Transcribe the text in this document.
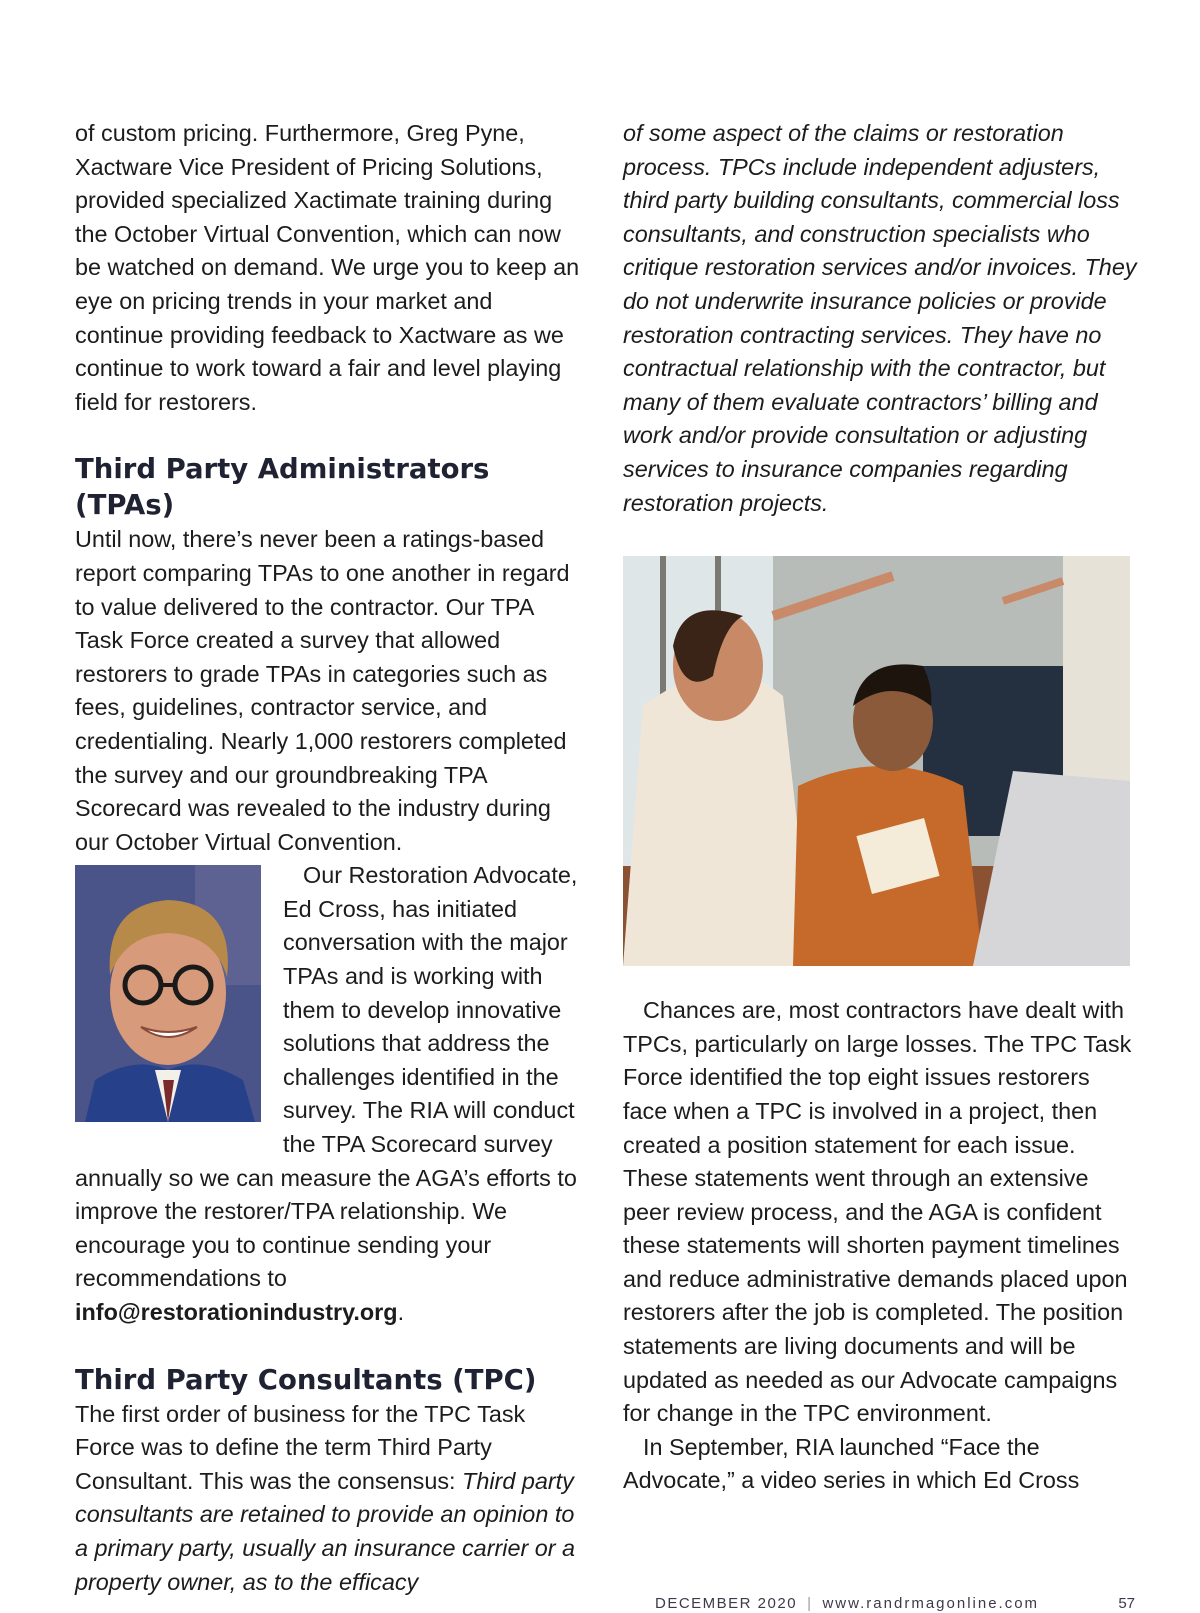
of custom pricing. Furthermore, Greg Pyne, Xactware Vice President of Pricing Solutions, provided specialized Xactimate training during the October Virtual Convention, which can now be watched on demand. We urge you to keep an eye on pricing trends in your market and continue providing feedback to Xactware as we continue to work toward a fair and level playing field for restorers.

Third Party Administrators (TPAs)

Until now, there’s never been a ratings-based report comparing TPAs to one another in regard to value delivered to the contractor. Our TPA Task Force created a survey that allowed restorers to grade TPAs in categories such as fees, guidelines, contractor service, and credentialing. Nearly 1,000 restorers completed the survey and our groundbreaking TPA Scorecard was revealed to the industry during our October Virtual Convention.

Our Restoration Advocate, Ed Cross, has initiated conversation with the major TPAs and is working with them to develop innovative solutions that address the challenges identified in the survey. The RIA will conduct the TPA Scorecard survey annually so we can measure the AGA’s efforts to improve the restorer/TPA relationship. We encourage you to continue sending your recommendations to info@restorationindustry.org.

Third Party Consultants (TPC)

The first order of business for the TPC Task Force was to define the term Third Party Consultant. This was the consensus: Third party consultants are retained to provide an opinion to a primary party, usually an insurance carrier or a property owner, as to the efficacy

of some aspect of the claims or restoration process. TPCs include independent adjusters, third party building consultants, commercial loss consultants, and construction specialists who critique restoration services and/or invoices. They do not underwrite insurance policies or provide restoration contracting services. They have no contractual relationship with the contractor, but many of them evaluate contractors’ billing and work and/or provide consultation or adjusting services to insurance companies regarding restoration projects.

Chances are, most contractors have dealt with TPCs, particularly on large losses. The TPC Task Force identified the top eight issues restorers face when a TPC is involved in a project, then created a position statement for each issue. These statements went through an extensive peer review process, and the AGA is confident these statements will shorten payment timelines and reduce administrative demands placed upon restorers after the job is completed. The position statements are living documents and will be updated as needed as our Advocate campaigns for change in the TPC environment.

In September, RIA launched “Face the Advocate,” a video series in which Ed Cross

DECEMBER 2020 | www.randrmagonline.com	57
